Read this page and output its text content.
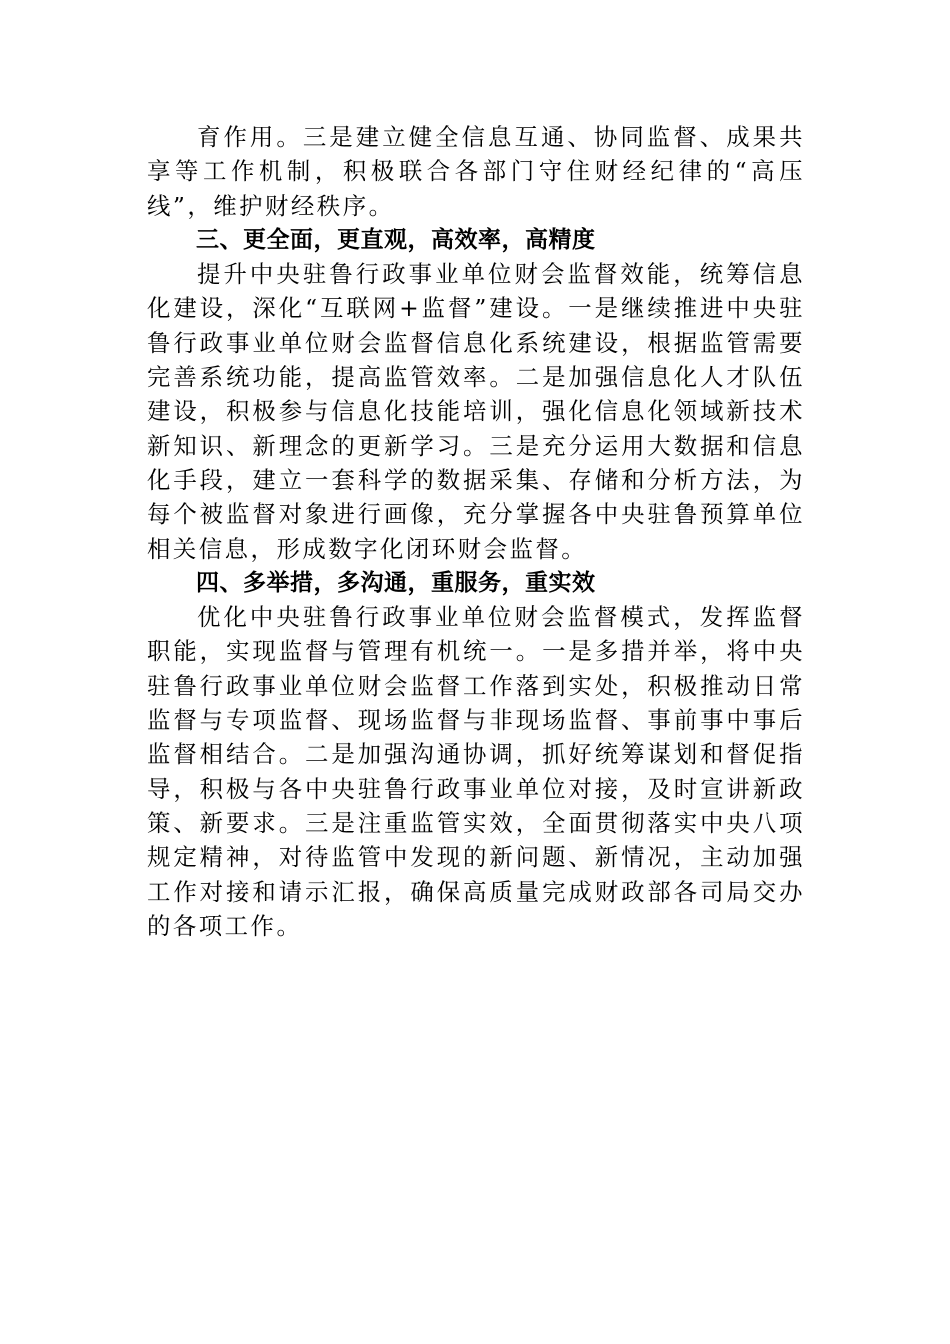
育作用。三是建立健全信息互通、协同监督、成果共享等工作机制，积极联合各部门守住财经纪律的“高压线”，维护财经秩序。

三、更全面，更直观，高效率，高精度

提升中央驻鲁行政事业单位财会监督效能，统筹信息化建设，深化“互联网+监督”建设。一是继续推进中央驻鲁行政事业单位财会监督信息化系统建设，根据监管需要完善系统功能，提高监管效率。二是加强信息化人才队伍建设，积极参与信息化技能培训，强化信息化领域新技术新知识、新理念的更新学习。三是充分运用大数据和信息化手段，建立一套科学的数据采集、存储和分析方法，为每个被监督对象进行画像，充分掌握各中央驻鲁预算单位相关信息，形成数字化闭环财会监督。

四、多举措，多沟通，重服务，重实效

优化中央驻鲁行政事业单位财会监督模式，发挥监督职能，实现监督与管理有机统一。一是多措并举，将中央驻鲁行政事业单位财会监督工作落到实处，积极推动日常监督与专项监督、现场监督与非现场监督、事前事中事后监督相结合。二是加强沟通协调，抓好统筹谋划和督促指导，积极与各中央驻鲁行政事业单位对接，及时宣讲新政策、新要求。三是注重监管实效，全面贯彻落实中央八项规定精神，对待监管中发现的新问题、新情况，主动加强工作对接和请示汇报，确保高质量完成财政部各司局交办的各项工作。
